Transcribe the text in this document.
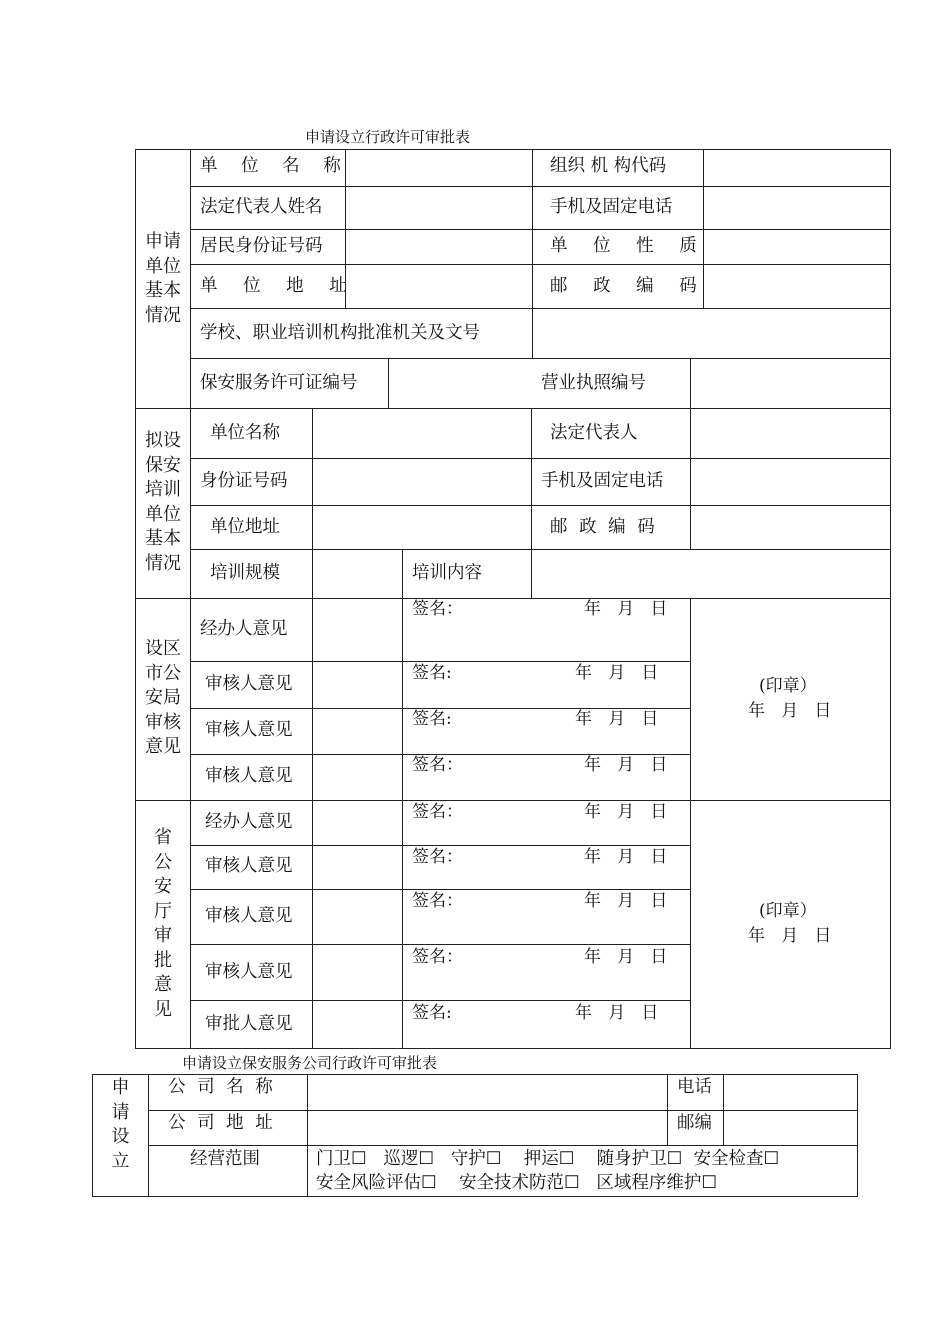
申请设立行政许可审批表
申请
单位
基本
情况
单 位 名 称	组织 机 构代码
法定代表人姓名	手机及固定电话
居民身份证号码	单 位 性 质
单 位 地 址	邮 政 编 码
学校、职业培训机构批准机关及文号
保安服务许可证编号	营业执照编号
拟设
保安
培训
单位
基本
情况
单位名称	法定代表人
身份证号码	手机及固定电话
单位地址	邮 政 编 码
培训规模	培训内容
设区
市公
安局
审核
意见
经办人意见
签名：	年   月   日
审核人意见
签名:	年   月   日
审核人意见
签名:	年   月   日
审核人意见
签名：	年   月   日
(印章）
年   月   日
省
公
安
厅
审
批
意
见
经办人意见	签名：	年   月   日
审核人意见	签名：	年   月   日
审核人意见
签名：	年   月   日
审核人意见
签名：	年   月   日
审批人意见
签名:	年   月   日
(印章）
年   月   日
申请设立保安服务公司行政许可审批表
申
请
设
立
公 司 名 称	电话
公 司 地 址	邮编
经营范围	门卫☐   巡逻☐   守护☐    押运☐    随身护卫☐  安全检查☐
安全风险评估☐    安全技术防范☐   区域程序维护☐
